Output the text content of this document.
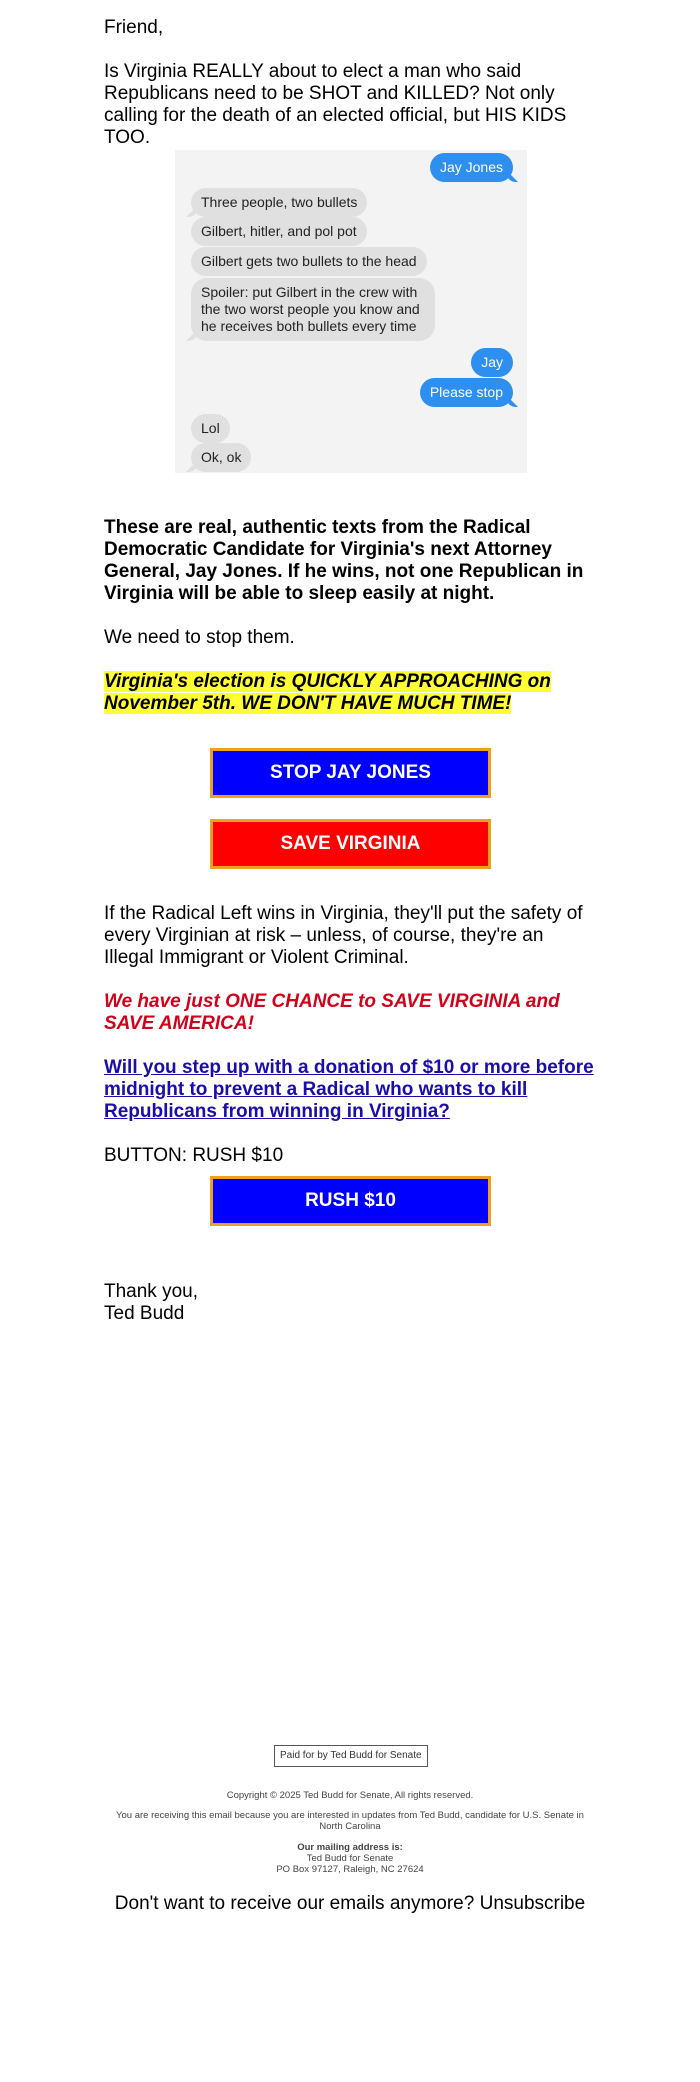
Friend,

Is Virginia REALLY about to elect a man who said Republicans need to be SHOT and KILLED? Not only calling for the death of an elected official, but HIS KIDS TOO.

Jay Jones
Three people, two bullets
Gilbert, hitler, and pol pot
Gilbert gets two bullets to the head
Spoiler: put Gilbert in the crew with the two worst people you know and he receives both bullets every time
Jay
Please stop
Lol
Ok, ok

These are real, authentic texts from the Radical Democratic Candidate for Virginia's next Attorney General, Jay Jones. If he wins, not one Republican in Virginia will be able to sleep easily at night.

We need to stop them.

Virginia's election is QUICKLY APPROACHING on November 5th. WE DON'T HAVE MUCH TIME!

STOP JAY JONES
SAVE VIRGINIA

If the Radical Left wins in Virginia, they'll put the safety of every Virginian at risk – unless, of course, they're an Illegal Immigrant or Violent Criminal.

We have just ONE CHANCE to SAVE VIRGINIA and SAVE AMERICA!

Will you step up with a donation of $10 or more before midnight to prevent a Radical who wants to kill Republicans from winning in Virginia?

BUTTON: RUSH $10

RUSH $10

Thank you,
Ted Budd

Paid for by Ted Budd for Senate
Copyright © 2025 Ted Budd for Senate, All rights reserved.
You are receiving this email because you are interested in updates from Ted Budd, candidate for U.S. Senate in North Carolina
Our mailing address is:
Ted Budd for Senate
PO Box 97127, Raleigh, NC 27624
Don't want to receive our emails anymore? Unsubscribe
